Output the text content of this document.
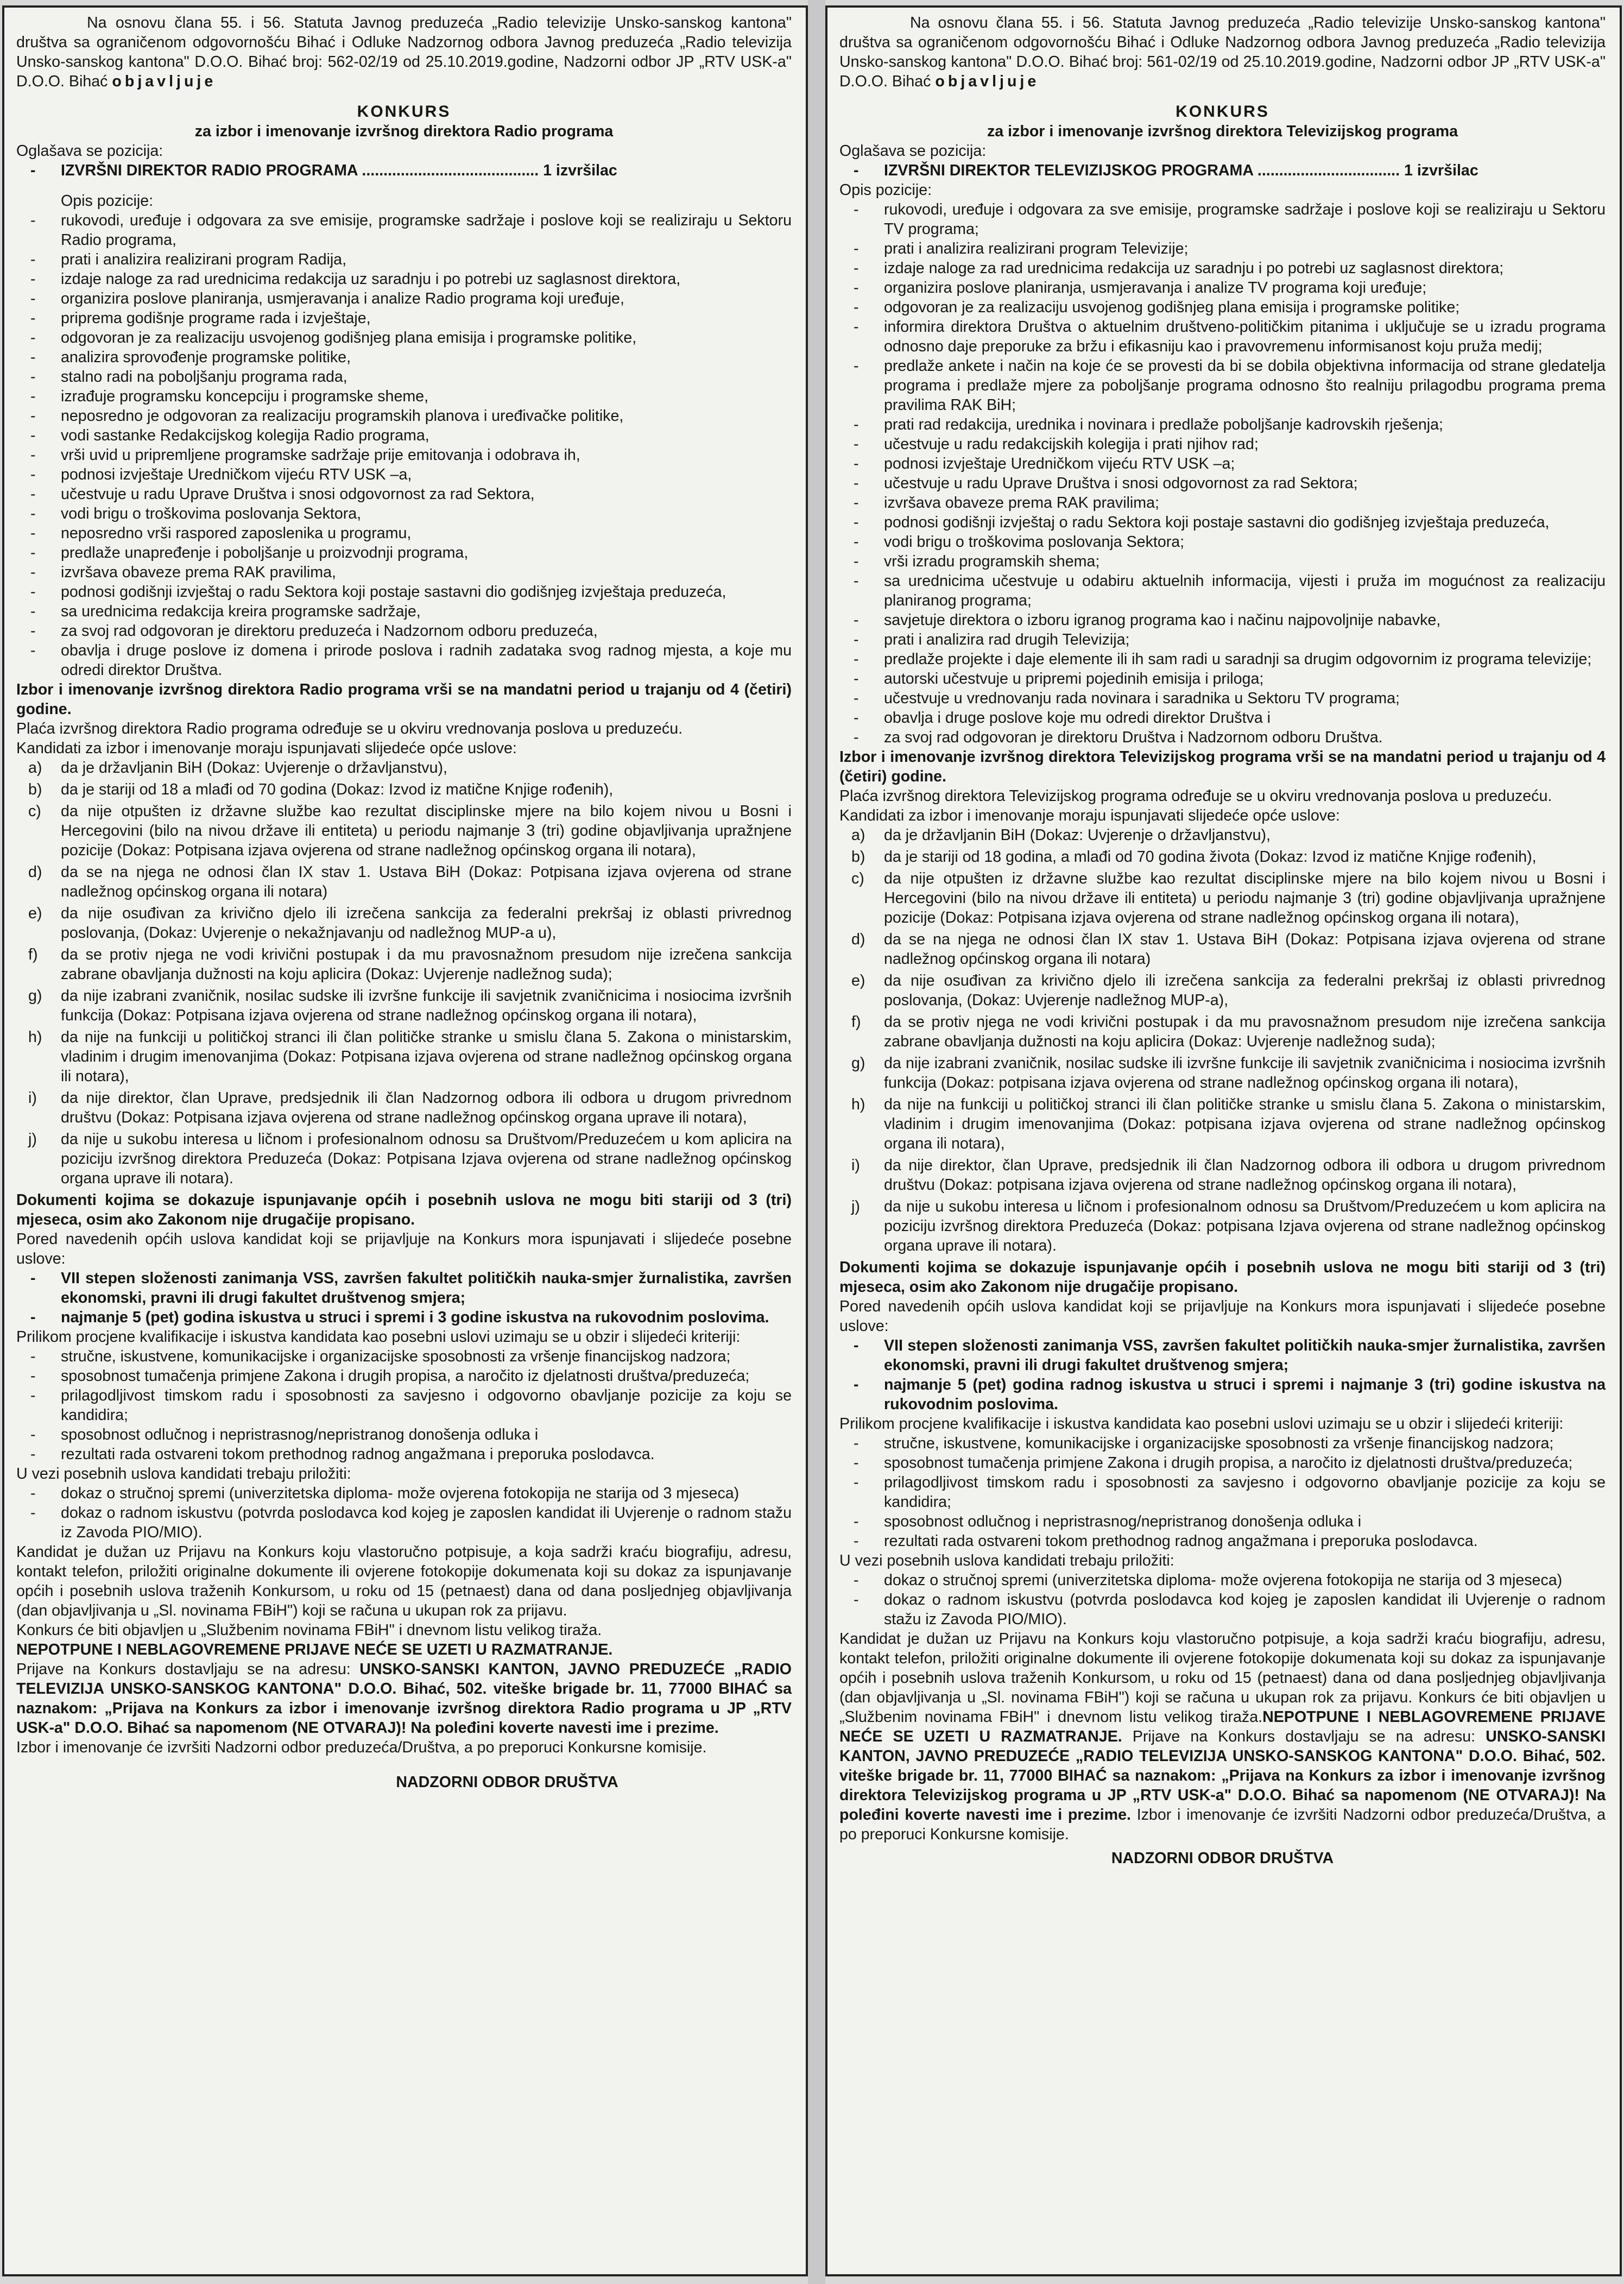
Na osnovu člana 55. i 56. Statuta Javnog preduzeća „Radio televizije Unsko-sanskog kantona" društva sa ograničenom odgovornošću Bihać i Odluke Nadzornog odbora Javnog preduzeća „Radio televizija Unsko-sanskog kantona" D.O.O. Bihać broj: 562-02/19 od 25.10.2019.godine, Nadzorni odbor JP „RTV USK-a" D.O.O. Bihać objavljuje

KONKURS

za izbor i imenovanje izvršnog direktora Radio programa

Oglašava se pozicija:

- IZVRŠNI DIREKTOR RADIO PROGRAMA ......................................... 1 izvršilac

Opis pozicije:

- rukovodi, uređuje i odgovara za sve emisije, programske sadržaje i poslove koji se realiziraju u Sektoru Radio programa,
- prati i analizira realizirani program Radija,
- izdaje naloge za rad urednicima redakcija uz saradnju i po potrebi uz saglasnost direktora,
- organizira poslove planiranja, usmjeravanja i analize Radio programa koji uređuje,
- priprema godišnje programe rada i izvještaje,
- odgovoran je za realizaciju usvojenog godišnjeg plana emisija i programske politike,
- analizira sprovođenje programske politike,
- stalno radi na poboljšanju programa rada,
- izrađuje programsku koncepciju i programske sheme,
- neposredno je odgovoran za realizaciju programskih planova i uređivačke politike,
- vodi sastanke Redakcijskog kolegija Radio programa,
- vrši uvid u pripremljene programske sadržaje prije emitovanja i odobrava ih,
- podnosi izvještaje Uredničkom vijeću RTV USK –a,
- učestvuje u radu Uprave Društva i snosi odgovornost za rad Sektora,
- vodi brigu o troškovima poslovanja Sektora,
- neposredno vrši raspored zaposlenika u programu,
- predlaže unapređenje i poboljšanje u proizvodnji programa,
- izvršava obaveze prema RAK pravilima,
- podnosi godišnji izvještaj o radu Sektora koji postaje sastavni dio godišnjeg izvještaja preduzeća,
- sa urednicima redakcija kreira programske sadržaje,
- za svoj rad odgovoran je direktoru preduzeća i Nadzornom odboru preduzeća,
- obavlja i druge poslove iz domena i prirode poslova i radnih zadataka svog radnog mjesta, a koje mu odredi direktor Društva.

Izbor i imenovanje izvršnog direktora Radio programa vrši se na mandatni period u trajanju od 4 (četiri) godine.

Plaća izvršnog direktora Radio programa određuje se u okviru vrednovanja poslova u preduzeću.

Kandidati za izbor i imenovanje moraju ispunjavati slijedeće opće uslove:

a) da je državljanin BiH (Dokaz: Uvjerenje o državljanstvu),
b) da je stariji od 18 a mlađi od 70 godina (Dokaz: Izvod iz matične Knjige rođenih),
c) da nije otpušten iz državne službe kao rezultat disciplinske mjere na bilo kojem nivou u Bosni i Hercegovini (bilo na nivou države ili entiteta) u periodu najmanje 3 (tri) godine objavljivanja upražnjene pozicije (Dokaz: Potpisana izjava ovjerena od strane nadležnog općinskog organa ili notara),
d) da se na njega ne odnosi član IX stav 1. Ustava BiH (Dokaz: Potpisana izjava ovjerena od strane nadležnog općinskog organa ili notara)
e) da nije osuđivan za krivično djelo ili izrečena sankcija za federalni prekršaj iz oblasti privrednog poslovanja, (Dokaz: Uvjerenje o nekažnjavanju od nadležnog MUP-a u),
f) da se protiv njega ne vodi krivični postupak i da mu pravosnažnom presudom nije izrečena sankcija zabrane obavljanja dužnosti na koju aplicira (Dokaz: Uvjerenje nadležnog suda);
g) da nije izabrani zvaničnik, nosilac sudske ili izvršne funkcije ili savjetnik zvaničnicima i nosiocima izvršnih funkcija (Dokaz: Potpisana izjava ovjerena od strane nadležnog općinskog organa ili notara),
h) da nije na funkciji u političkoj stranci ili član političke stranke u smislu člana 5. Zakona o ministarskim, vladinim i drugim imenovanjima (Dokaz: Potpisana izjava ovjerena od strane nadležnog općinskog organa ili notara),
i) da nije direktor, član Uprave, predsjednik ili član Nadzornog odbora ili odbora u drugom privrednom društvu (Dokaz: Potpisana izjava ovjerena od strane nadležnog općinskog organa uprave ili notara),
j) da nije u sukobu interesa u ličnom i profesionalnom odnosu sa Društvom/Preduzećem u kom aplicira na poziciju izvršnog direktora Preduzeća (Dokaz: Potpisana Izjava ovjerena od strane nadležnog općinskog organa uprave ili notara).

Dokumenti kojima se dokazuje ispunjavanje općih i posebnih uslova ne mogu biti stariji od 3 (tri) mjeseca, osim ako Zakonom nije drugačije propisano.

Pored navedenih općih uslova kandidat koji se prijavljuje na Konkurs mora ispunjavati i slijedeće posebne uslove:

- VII stepen složenosti zanimanja VSS, završen fakultet političkih nauka-smjer žurnalistika, završen ekonomski, pravni ili drugi fakultet društvenog smjera;
- najmanje 5 (pet) godina iskustva u struci i spremi i 3 godine iskustva na rukovodnim poslovima.

Prilikom procjene kvalifikacije i iskustva kandidata kao posebni uslovi uzimaju se u obzir i slijedeći kriteriji:

- stručne, iskustvene, komunikacijske i organizacijske sposobnosti za vršenje financijskog nadzora;
- sposobnost tumačenja primjene Zakona i drugih propisa, a naročito iz djelatnosti društva/preduzeća;
- prilagodljivost timskom radu i sposobnosti za savjesno i odgovorno obavljanje pozicije za koju se kandidira;
- sposobnost odlučnog i nepristrasnog/nepristranog donošenja odluka i
- rezultati rada ostvareni tokom prethodnog radnog angažmana i preporuka poslodavca.

U vezi posebnih uslova kandidati trebaju priložiti:

- dokaz o stručnoj spremi (univerzitetska diploma- može ovjerena fotokopija ne starija od 3 mjeseca)
- dokaz o radnom iskustvu (potvrda poslodavca kod kojeg je zaposlen kandidat ili Uvjerenje o radnom stažu iz Zavoda PIO/MIO).

Kandidat je dužan uz Prijavu na Konkurs koju vlastoručno potpisuje, a koja sadrži kraću biografiju, adresu, kontakt telefon, priložiti originalne dokumente ili ovjerene fotokopije dokumenata koji su dokaz za ispunjavanje općih i posebnih uslova traženih Konkursom, u roku od 15 (petnaest) dana od dana posljednjeg objavljivanja (dan objavljivanja u „Sl. novinama FBiH") koji se računa u ukupan rok za prijavu.

Konkurs će biti objavljen u „Službenim novinama FBiH" i dnevnom listu velikog tiraža.

NEPOTPUNE I NEBLAGOVREMENE PRIJAVE NEĆE SE UZETI U RAZMATRANJE.

Prijave na Konkurs dostavljaju se na adresu: UNSKO-SANSKI KANTON, JAVNO PREDUZEĆE „RADIO TELEVIZIJA UNSKO-SANSKOG KANTONA" D.O.O. Bihać, 502. viteške brigade br. 11, 77000 BIHAĆ sa naznakom: „Prijava na Konkurs za izbor i imenovanje izvršnog direktora Radio programa u JP „RTV USK-a" D.O.O. Bihać sa napomenom (NE OTVARAJ)! Na poleđini koverte navesti ime i prezime.

Izbor i imenovanje će izvršiti Nadzorni odbor preduzeća/Društva, a po preporuci Konkursne komisije.

NADZORNI ODBOR DRUŠTVA

Na osnovu člana 55. i 56. Statuta Javnog preduzeća „Radio televizije Unsko-sanskog kantona" društva sa ograničenom odgovornošću Bihać i Odluke Nadzornog odbora Javnog preduzeća „Radio televizija Unsko-sanskog kantona" D.O.O. Bihać broj: 561-02/19 od 25.10.2019.godine, Nadzorni odbor JP „RTV USK-a" D.O.O. Bihać objavljuje

KONKURS

za izbor i imenovanje izvršnog direktora Televizijskog programa

Oglašava se pozicija:

- IZVRŠNI DIREKTOR TELEVIZIJSKOG PROGRAMA ................................. 1 izvršilac

Opis pozicije:

- rukovodi, uređuje i odgovara za sve emisije, programske sadržaje i poslove koji se realiziraju u Sektoru TV programa;
- prati i analizira realizirani program Televizije;
- izdaje naloge za rad urednicima redakcija uz saradnju i po potrebi uz saglasnost direktora;
- organizira poslove planiranja, usmjeravanja i analize TV programa koji uređuje;
- odgovoran je za realizaciju usvojenog godišnjeg plana emisija i programske politike;
- informira direktora Društva o aktuelnim društveno-političkim pitanima i uključuje se u izradu programa odnosno daje preporuke za bržu i efikasniju kao i pravovremenu informisanost koju pruža medij;
- predlaže ankete i način na koje će se provesti da bi se dobila objektivna informacija od strane gledatelja programa i predlaže mjere za poboljšanje programa odnosno što realniju prilagodbu programa prema pravilima RAK BiH;
- prati rad redakcija, urednika i novinara i predlaže poboljšanje kadrovskih rješenja;
- učestvuje u radu redakcijskih kolegija i prati njihov rad;
- podnosi izvještaje Uredničkom vijeću RTV USK –a;
- učestvuje u radu Uprave Društva i snosi odgovornost za rad Sektora;
- izvršava obaveze prema RAK pravilima;
- podnosi godišnji izvještaj o radu Sektora koji postaje sastavni dio godišnjeg izvještaja preduzeća,
- vodi brigu o troškovima poslovanja Sektora;
- vrši izradu programskih shema;
- sa urednicima učestvuje u odabiru aktuelnih informacija, vijesti i pruža im mogućnost za realizaciju planiranog programa;
- savjetuje direktora o izboru igranog programa kao i načinu najpovoljnije nabavke,
- prati i analizira rad drugih Televizija;
- predlaže projekte i daje elemente ili ih sam radi u saradnji sa drugim odgovornim iz programa televizije;
- autorski učestvuje u pripremi pojedinih emisija i priloga;
- učestvuje u vrednovanju rada novinara i saradnika u Sektoru TV programa;
- obavlja i druge poslove koje mu odredi direktor Društva i
- za svoj rad odgovoran je direktoru Društva i Nadzornom odboru Društva.

Izbor i imenovanje izvršnog direktora Televizijskog programa vrši se na mandatni period u trajanju od 4 (četiri) godine.

Plaća izvršnog direktora Televizijskog programa određuje se u okviru vrednovanja poslova u preduzeću.

Kandidati za izbor i imenovanje moraju ispunjavati slijedeće opće uslove:

a) da je državljanin BiH (Dokaz: Uvjerenje o državljanstvu),
b) da je stariji od 18 godina, a mlađi od 70 godina života (Dokaz: Izvod iz matične Knjige rođenih),
c) da nije otpušten iz državne službe kao rezultat disciplinske mjere na bilo kojem nivou u Bosni i Hercegovini (bilo na nivou države ili entiteta) u periodu najmanje 3 (tri) godine objavljivanja upražnjene pozicije (Dokaz: Potpisana izjava ovjerena od strane nadležnog općinskog organa ili notara),
d) da se na njega ne odnosi član IX stav 1. Ustava BiH (Dokaz: Potpisana izjava ovjerena od strane nadležnog općinskog organa ili notara)
e) da nije osuđivan za krivično djelo ili izrečena sankcija za federalni prekršaj iz oblasti privrednog poslovanja, (Dokaz: Uvjerenje nadležnog MUP-a),
f) da se protiv njega ne vodi krivični postupak i da mu pravosnažnom presudom nije izrečena sankcija zabrane obavljanja dužnosti na koju aplicira (Dokaz: Uvjerenje nadležnog suda);
g) da nije izabrani zvaničnik, nosilac sudske ili izvršne funkcije ili savjetnik zvaničnicima i nosiocima izvršnih funkcija (Dokaz: potpisana izjava ovjerena od strane nadležnog općinskog organa ili notara),
h) da nije na funkciji u političkoj stranci ili član političke stranke u smislu člana 5. Zakona o ministarskim, vladinim i drugim imenovanjima (Dokaz: potpisana izjava ovjerena od strane nadležnog općinskog organa ili notara),
i) da nije direktor, član Uprave, predsjednik ili član Nadzornog odbora ili odbora u drugom privrednom društvu (Dokaz: potpisana izjava ovjerena od strane nadležnog općinskog organa ili notara),
j) da nije u sukobu interesa u ličnom i profesionalnom odnosu sa Društvom/Preduzećem u kom aplicira na poziciju izvršnog direktora Preduzeća (Dokaz: potpisana Izjava ovjerena od strane nadležnog općinskog organa uprave ili notara).

Dokumenti kojima se dokazuje ispunjavanje općih i posebnih uslova ne mogu biti stariji od 3 (tri) mjeseca, osim ako Zakonom nije drugačije propisano.

Pored navedenih općih uslova kandidat koji se prijavljuje na Konkurs mora ispunjavati i slijedeće posebne uslove:

- VII stepen složenosti zanimanja VSS, završen fakultet političkih nauka-smjer žurnalistika, završen ekonomski, pravni ili drugi fakultet društvenog smjera;
- najmanje 5 (pet) godina radnog iskustva u struci i spremi i najmanje 3 (tri) godine iskustva na rukovodnim poslovima.

Prilikom procjene kvalifikacije i iskustva kandidata kao posebni uslovi uzimaju se u obzir i slijedeći kriteriji:

- stručne, iskustvene, komunikacijske i organizacijske sposobnosti za vršenje financijskog nadzora;
- sposobnost tumačenja primjene Zakona i drugih propisa, a naročito iz djelatnosti društva/preduzeća;
- prilagodljivost timskom radu i sposobnosti za savjesno i odgovorno obavljanje pozicije za koju se kandidira;
- sposobnost odlučnog i nepristrasnog/nepristranog donošenja odluka i
- rezultati rada ostvareni tokom prethodnog radnog angažmana i preporuka poslodavca.

U vezi posebnih uslova kandidati trebaju priložiti:

- dokaz o stručnoj spremi (univerzitetska diploma- može ovjerena fotokopija ne starija od 3 mjeseca)
- dokaz o radnom iskustvu (potvrda poslodavca kod kojeg je zaposlen kandidat ili Uvjerenje o radnom stažu iz Zavoda PIO/MIO).

Kandidat je dužan uz Prijavu na Konkurs koju vlastoručno potpisuje, a koja sadrži kraću biografiju, adresu, kontakt telefon, priložiti originalne dokumente ili ovjerene fotokopije dokumenata koji su dokaz za ispunjavanje općih i posebnih uslova traženih Konkursom, u roku od 15 (petnaest) dana od dana posljednjeg objavljivanja (dan objavljivanja u „Sl. novinama FBiH") koji se računa u ukupan rok za prijavu. Konkurs će biti objavljen u „Službenim novinama FBiH" i dnevnom listu velikog tiraža.NEPOTPUNE I NEBLAGOVREMENE PRIJAVE NEĆE SE UZETI U RAZMATRANJE. Prijave na Konkurs dostavljaju se na adresu: UNSKO-SANSKI KANTON, JAVNO PREDUZEĆE „RADIO TELEVIZIJA UNSKO-SANSKOG KANTONA" D.O.O. Bihać, 502. viteške brigade br. 11, 77000 BIHAĆ sa naznakom: „Prijava na Konkurs za izbor i imenovanje izvršnog direktora Televizijskog programa u JP „RTV USK-a" D.O.O. Bihać sa napomenom (NE OTVARAJ)! Na poleđini koverte navesti ime i prezime. Izbor i imenovanje će izvršiti Nadzorni odbor preduzeća/Društva, a po preporuci Konkursne komisije.

NADZORNI ODBOR DRUŠTVA
